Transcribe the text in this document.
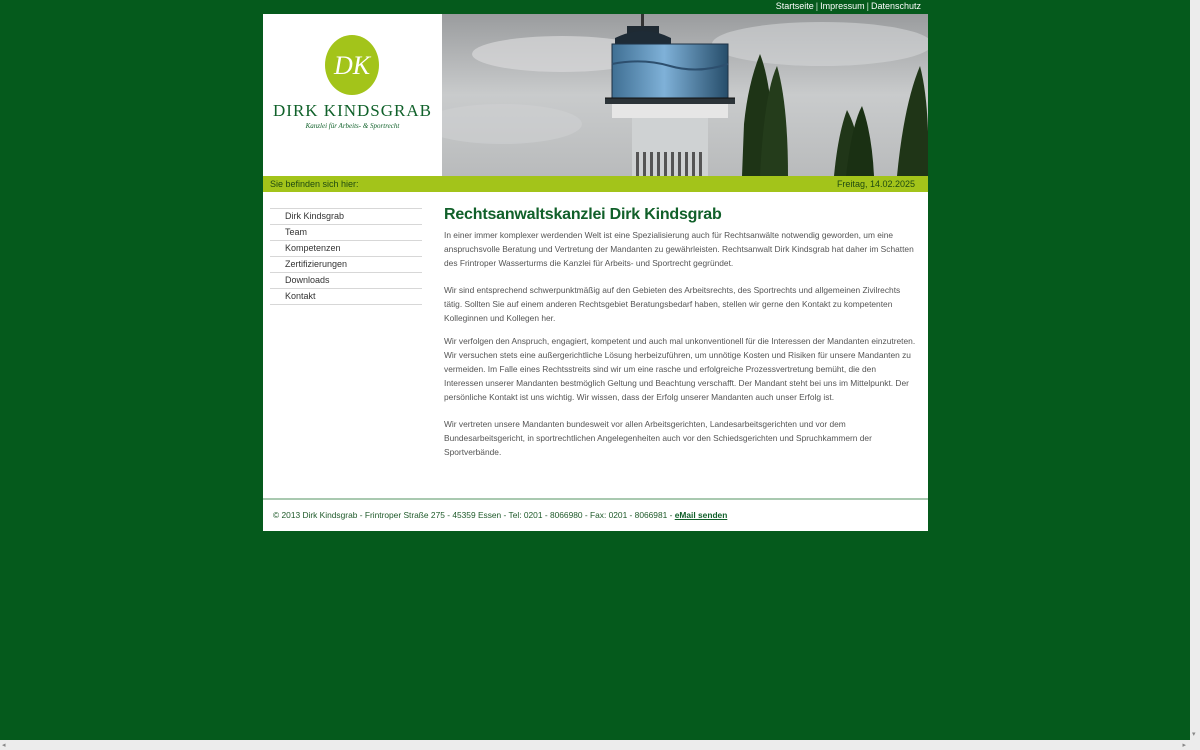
Startseite | Impressum | Datenschutz
DK
DIRK KINDSGRAB
Kanzlei für Arbeits- & Sportrecht
Sie befinden sich hier:	Freitag, 14.02.2025
Dirk Kindsgrab
Team
Kompetenzen
Zertifizierungen
Downloads
Kontakt
Rechtsanwaltskanzlei Dirk Kindsgrab

In einer immer komplexer werdenden Welt ist eine Spezialisierung auch für Rechtsanwälte notwendig geworden, um eine anspruchsvolle Beratung und Vertretung der Mandanten zu gewährleisten. Rechtsanwalt Dirk Kindsgrab hat daher im Schatten des Frintroper Wasserturms die Kanzlei für Arbeits- und Sportrecht gegründet.

Wir sind entsprechend schwerpunktmäßig auf den Gebieten des Arbeitsrechts, des Sportrechts und allgemeinen Zivilrechts tätig. Sollten Sie auf einem anderen Rechtsgebiet Beratungsbedarf haben, stellen wir gerne den Kontakt zu kompetenten Kolleginnen und Kollegen her.

Wir verfolgen den Anspruch, engagiert, kompetent und auch mal unkonventionell für die Interessen der Mandanten einzutreten. Wir versuchen stets eine außergerichtliche Lösung herbeizuführen, um unnötige Kosten und Risiken für unsere Mandanten zu vermeiden. Im Falle eines Rechtsstreits sind wir um eine rasche und erfolgreiche Prozessvertretung bemüht, die den Interessen unserer Mandanten bestmöglich Geltung und Beachtung verschafft. Der Mandant steht bei uns im Mittelpunkt. Der persönliche Kontakt ist uns wichtig. Wir wissen, dass der Erfolg unserer Mandanten auch unser Erfolg ist.

Wir vertreten unsere Mandanten bundesweit vor allen Arbeitsgerichten, Landesarbeitsgerichten und vor dem Bundesarbeitsgericht, in sportrechtlichen Angelegenheiten auch vor den Schiedsgerichten und Spruchkammern der Sportverbände.

© 2013 Dirk Kindsgrab - Frintroper Straße 275 - 45359 Essen - Tel: 0201 - 8066980 - Fax: 0201 - 8066981 - eMail senden
▾
◂	▸
